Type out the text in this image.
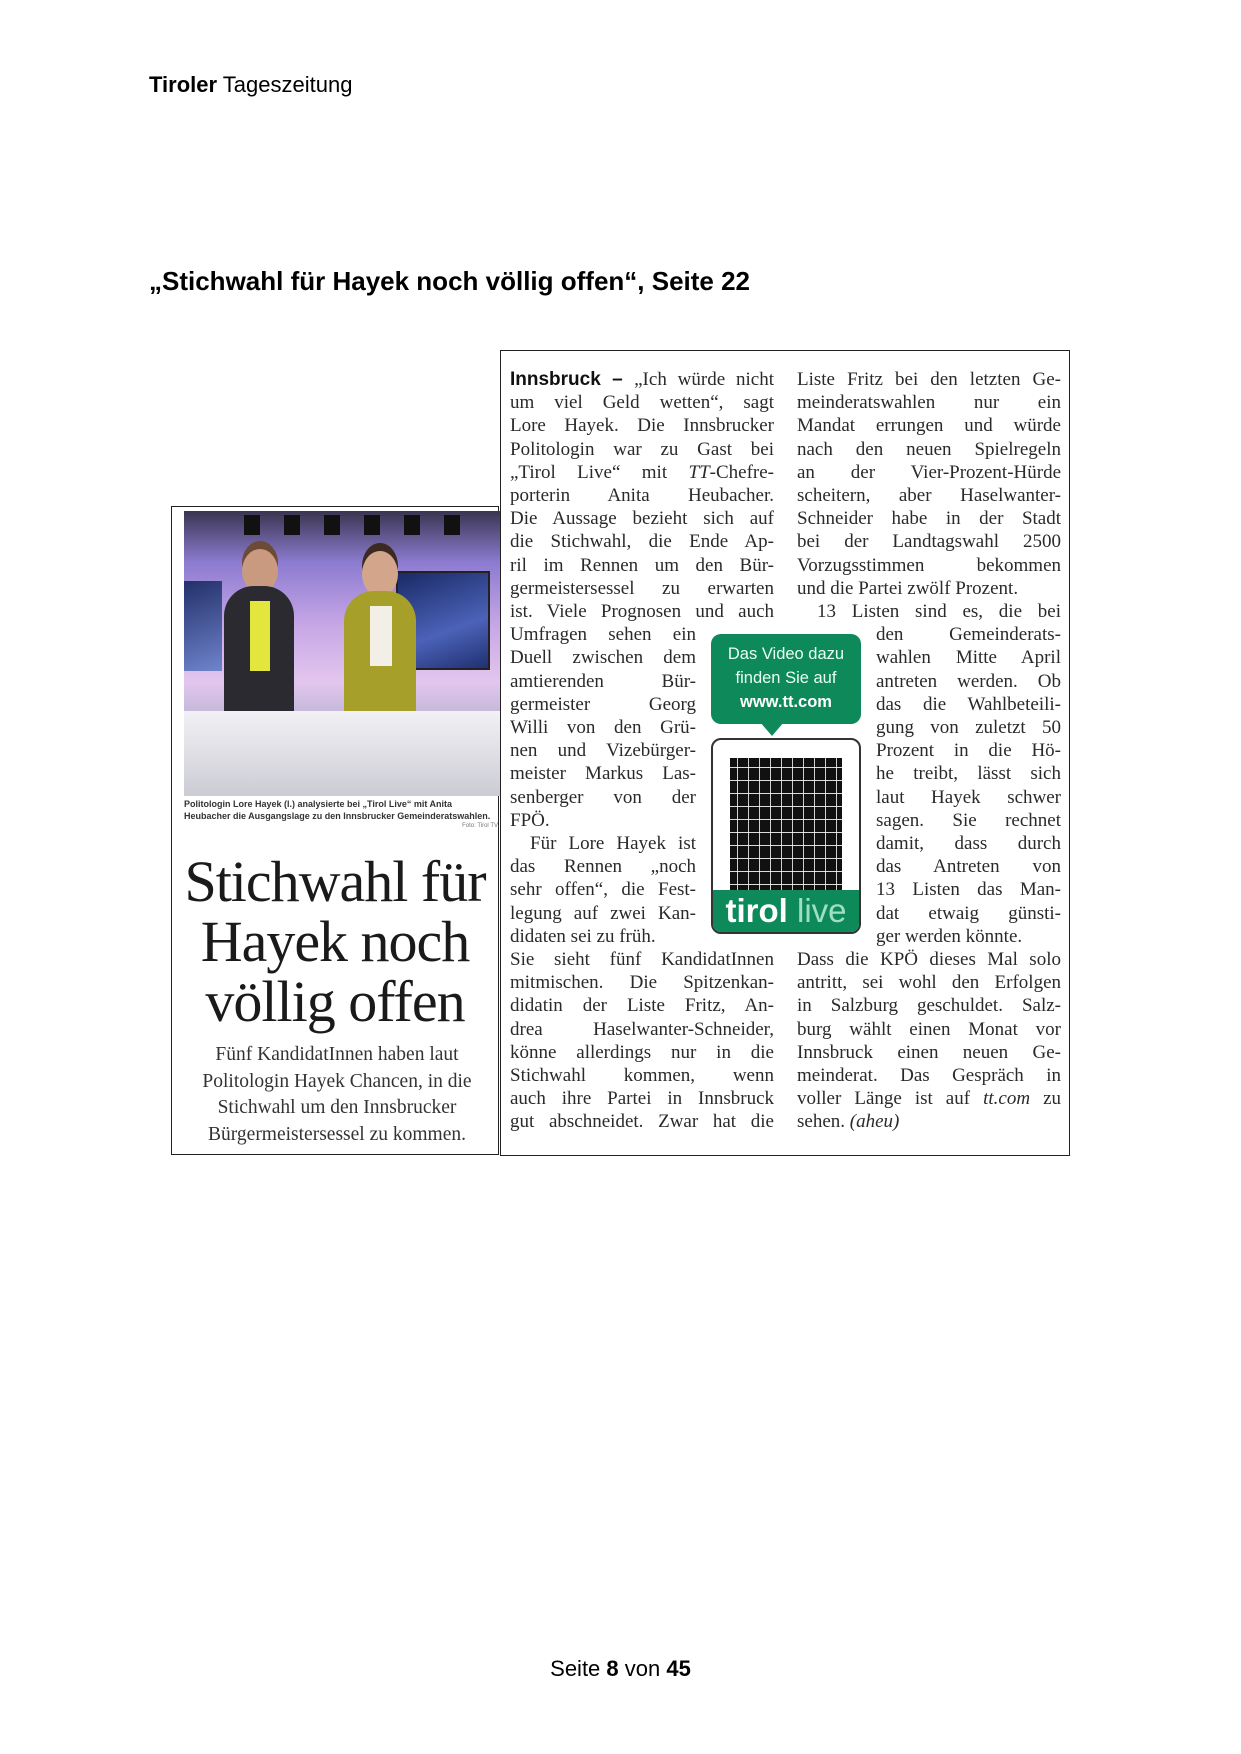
Tiroler Tageszeitung
„Stichwahl für Hayek noch völlig offen“, Seite 22
Politologin Lore Hayek (l.) analysierte bei „Tirol Live“ mit Anita Heubacher die Ausgangslage zu den Innsbrucker Gemeinderatswahlen.
Foto: Tirol TV
Stichwahl für
Hayek noch
völlig offen
Fünf KandidatInnen haben laut Politologin Hayek Chancen, in die Stichwahl um den Innsbrucker Bürgermeistersessel zu kommen.
Innsbruck – „Ich würde nicht
um viel Geld wetten“, sagt
Lore Hayek. Die Innsbrucker
Politologin war zu Gast bei
„Tirol Live“ mit TT-Chefre-
porterin Anita Heubacher.
Die Aussage bezieht sich auf
die Stichwahl, die Ende Ap-
ril im Rennen um den Bür-
germeistersessel zu erwarten
ist. Viele Prognosen und auch
Umfragen sehen ein
Duell zwischen dem
amtierenden Bür-
germeister Georg
Willi von den Grü-
nen und Vizebürger-
meister Markus Las-
senberger von der
FPÖ.
Für Lore Hayek ist
das Rennen „noch
sehr offen“, die Fest-
legung auf zwei Kan-
didaten sei zu früh.
Sie sieht fünf KandidatInnen
mitmischen. Die Spitzenkan-
didatin der Liste Fritz, An-
drea Haselwanter-Schneider,
könne allerdings nur in die
Stichwahl kommen, wenn
auch ihre Partei in Innsbruck
gut abschneidet. Zwar hat die
Liste Fritz bei den letzten Ge-
meinderatswahlen nur ein
Mandat errungen und würde
nach den neuen Spielregeln
an der Vier-Prozent-Hürde
scheitern, aber Haselwanter-
Schneider habe in der Stadt
bei der Landtagswahl 2500
Vorzugsstimmen bekommen
und die Partei zwölf Prozent.
13 Listen sind es, die bei
den Gemeinderats-
wahlen Mitte April
antreten werden. Ob
das die Wahlbeteili-
gung von zuletzt 50
Prozent in die Hö-
he treibt, lässt sich
laut Hayek schwer
sagen. Sie rechnet
damit, dass durch
das Antreten von
13 Listen das Man-
dat etwaig günsti-
ger werden könnte.
Dass die KPÖ dieses Mal solo
antritt, sei wohl den Erfolgen
in Salzburg geschuldet. Salz-
burg wählt einen Monat vor
Innsbruck einen neuen Ge-
meinderat. Das Gespräch in
voller Länge ist auf tt.com zu
sehen. (aheu)
Das Video dazu
finden Sie auf
www.tt.com
tirol live
Seite 8 von 45
